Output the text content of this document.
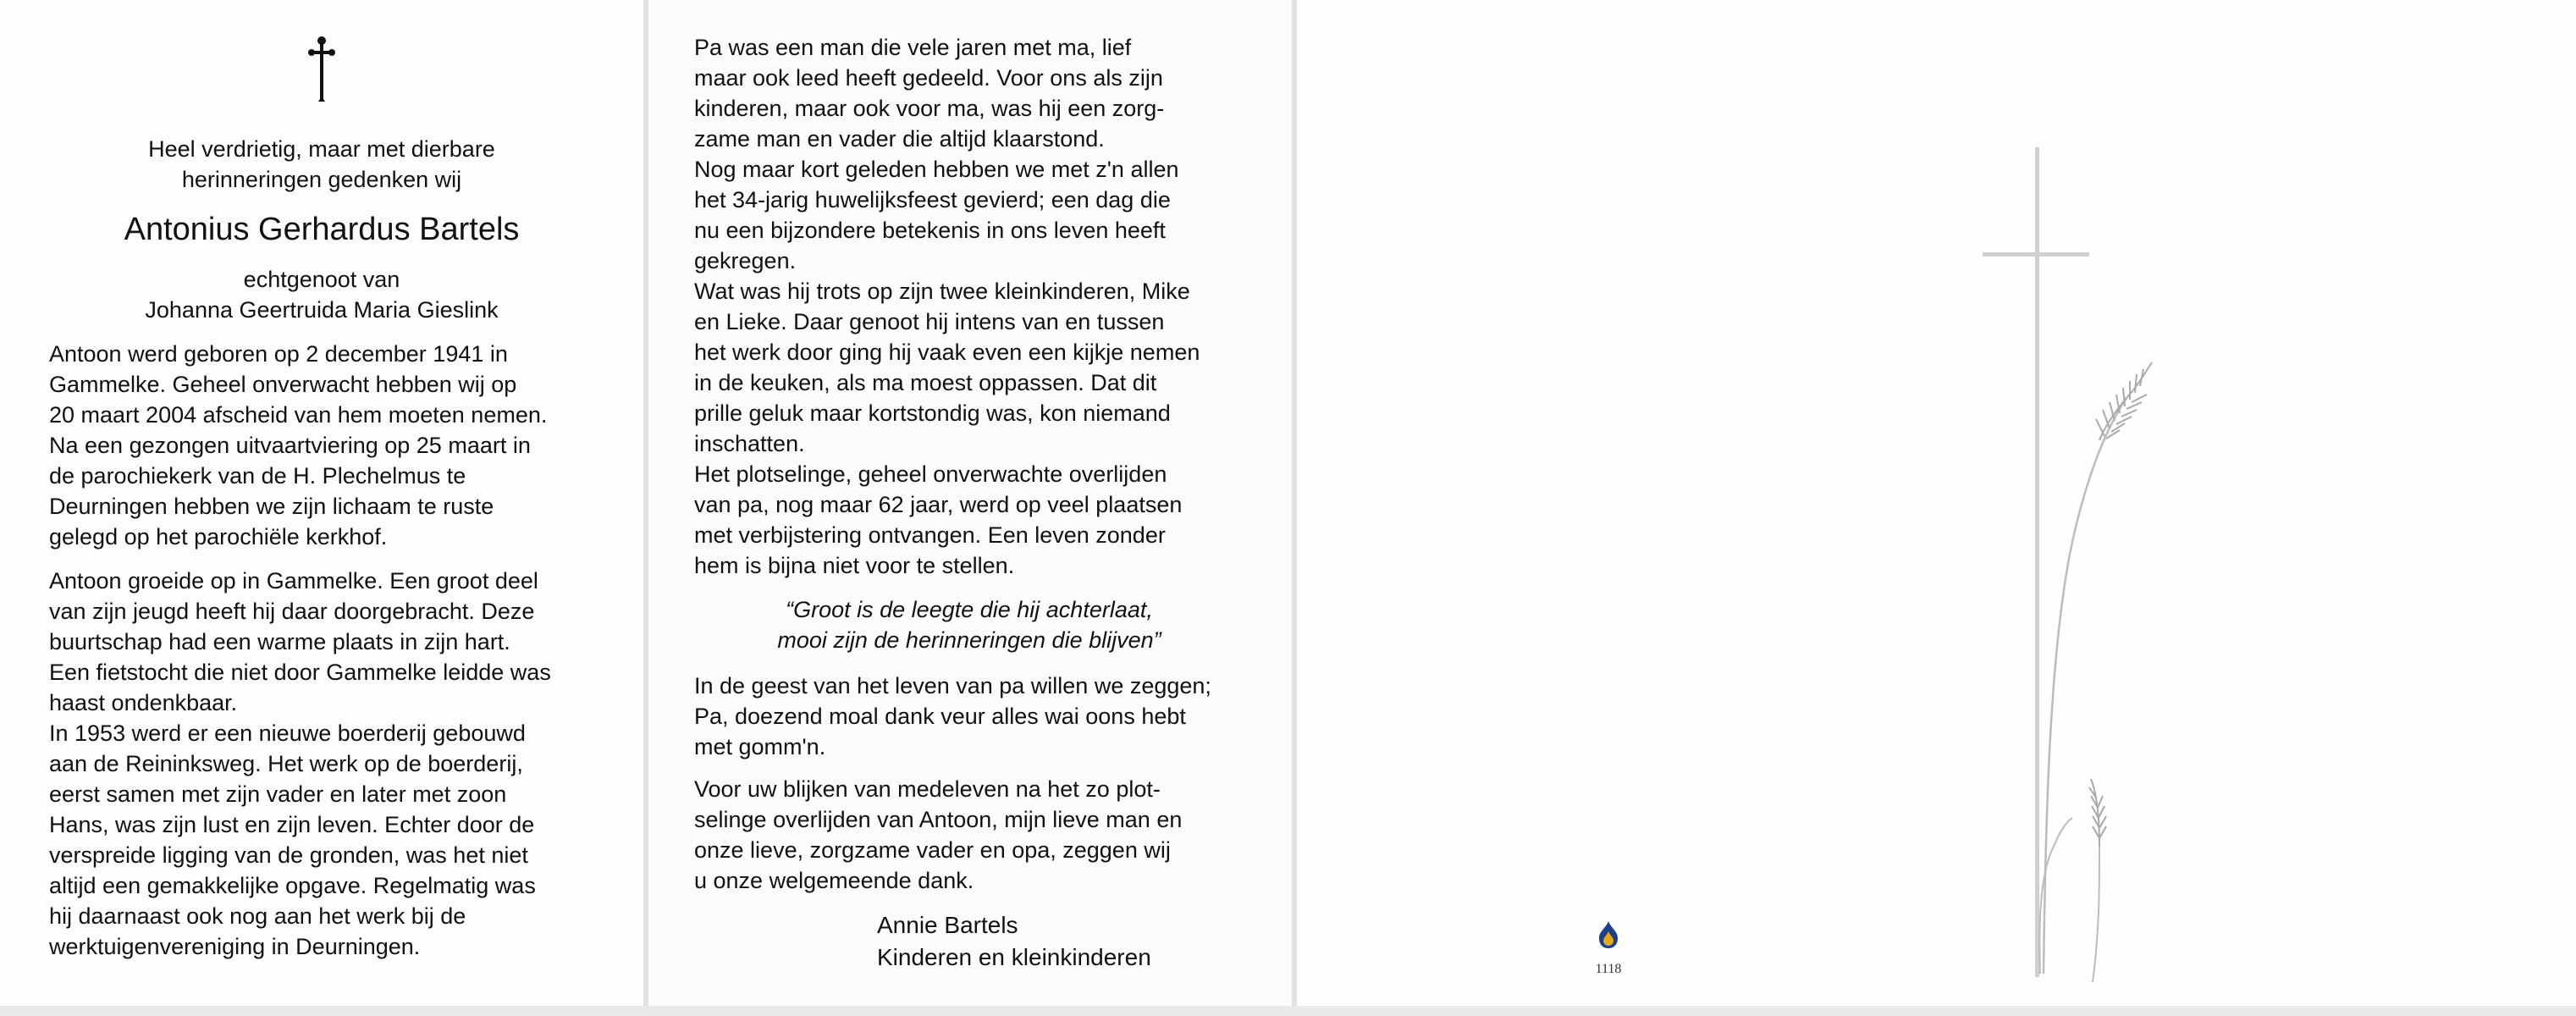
Heel verdrietig, maar met dierbare
herinneringen gedenken wij
Antonius Gerhardus Bartels
echtgenoot van
Johanna Geertruida Maria Gieslink
Antoon werd geboren op 2 december 1941 in
Gammelke. Geheel onverwacht hebben wij op
20 maart 2004 afscheid van hem moeten nemen.
Na een gezongen uitvaartviering op 25 maart in
de parochiekerk van de H. Plechelmus te
Deurningen hebben we zijn lichaam te ruste
gelegd op het parochiële kerkhof.
Antoon groeide op in Gammelke. Een groot deel
van zijn jeugd heeft hij daar doorgebracht. Deze
buurtschap had een warme plaats in zijn hart.
Een fietstocht die niet door Gammelke leidde was
haast ondenkbaar.
In 1953 werd er een nieuwe boerderij gebouwd
aan de Reininksweg. Het werk op de boerderij,
eerst samen met zijn vader en later met zoon
Hans, was zijn lust en zijn leven. Echter door de
verspreide ligging van de gronden, was het niet
altijd een gemakkelijke opgave. Regelmatig was
hij daarnaast ook nog aan het werk bij de
werktuigenvereniging in Deurningen.
Pa was een man die vele jaren met ma, lief
maar ook leed heeft gedeeld. Voor ons als zijn
kinderen, maar ook voor ma, was hij een zorg-
zame man en vader die altijd klaarstond.
Nog maar kort geleden hebben we met z'n allen
het 34-jarig huwelijksfeest gevierd; een dag die
nu een bijzondere betekenis in ons leven heeft
gekregen.
Wat was hij trots op zijn twee kleinkinderen, Mike
en Lieke. Daar genoot hij intens van en tussen
het werk door ging hij vaak even een kijkje nemen
in de keuken, als ma moest oppassen. Dat dit
prille geluk maar kortstondig was, kon niemand
inschatten.
Het plotselinge, geheel onverwachte overlijden
van pa, nog maar 62 jaar, werd op veel plaatsen
met verbijstering ontvangen. Een leven zonder
hem is bijna niet voor te stellen.
“Groot is de leegte die hij achterlaat,
mooi zijn de herinneringen die blijven”
In de geest van het leven van pa willen we zeggen;
Pa, doezend moal dank veur alles wai oons hebt
met gomm'n.
Voor uw blijken van medeleven na het zo plot-
selinge overlijden van Antoon, mijn lieve man en
onze lieve, zorgzame vader en opa, zeggen wij
u onze welgemeende dank.
Annie Bartels
Kinderen en kleinkinderen	1118
